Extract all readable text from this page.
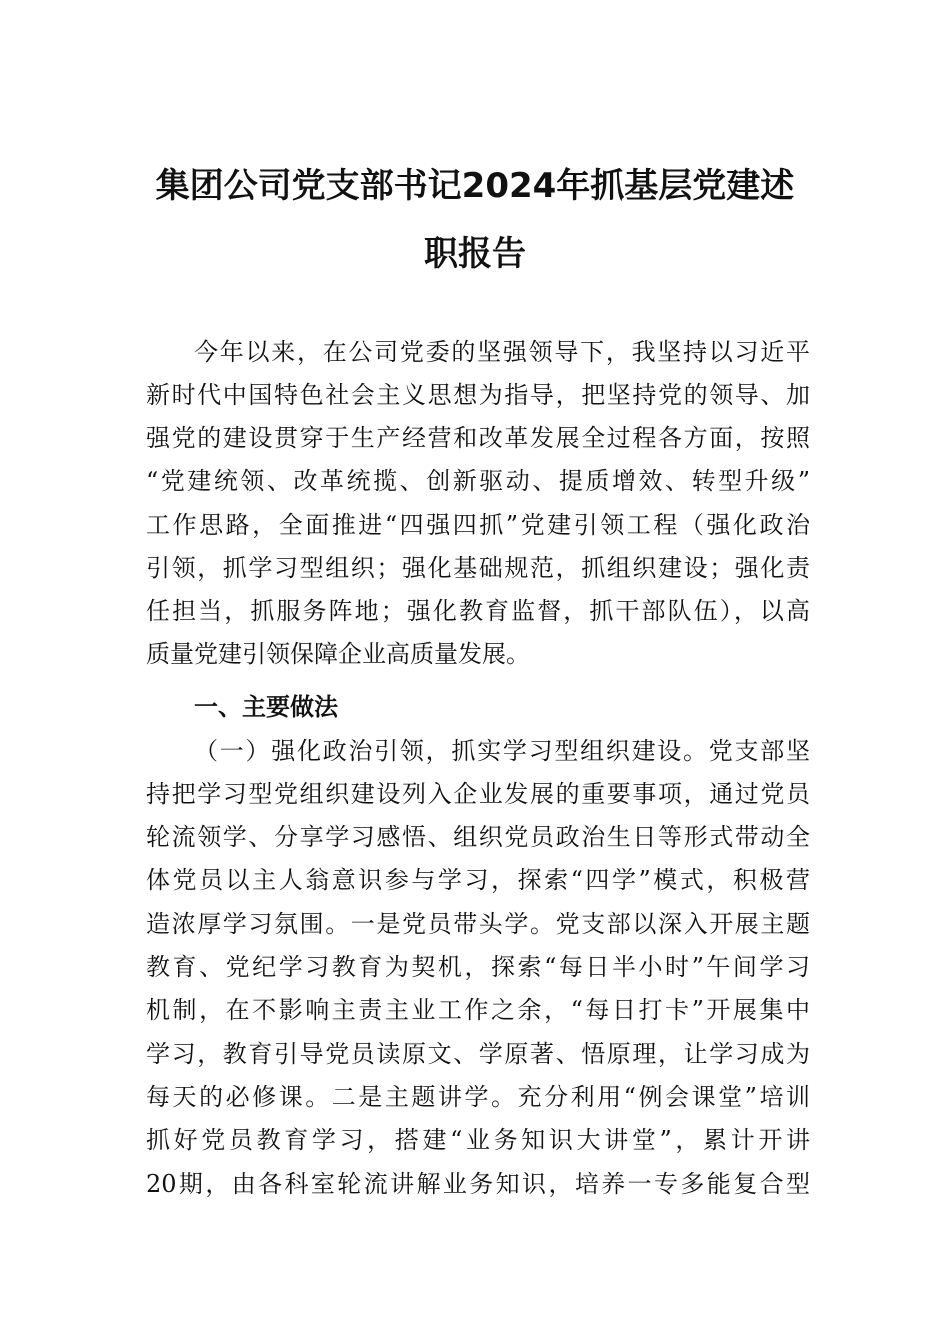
集团公司党支部书记2024年抓基层党建述
职报告
今年以来，在公司党委的坚强领导下，我坚持以习近平
新时代中国特色社会主义思想为指导，把坚持党的领导、加
强党的建设贯穿于生产经营和改革发展全过程各方面，按照
“党建统领、改革统揽、创新驱动、提质增效、转型升级”
工作思路，全面推进“四强四抓”党建引领工程（强化政治
引领，抓学习型组织；强化基础规范，抓组织建设；强化责
任担当，抓服务阵地；强化教育监督，抓干部队伍），以高
质量党建引领保障企业高质量发展。
一、主要做法
（一）强化政治引领，抓实学习型组织建设。党支部坚
持把学习型党组织建设列入企业发展的重要事项，通过党员
轮流领学、分享学习感悟、组织党员政治生日等形式带动全
体党员以主人翁意识参与学习，探索“四学”模式，积极营
造浓厚学习氛围。一是党员带头学。党支部以深入开展主题
教育、党纪学习教育为契机，探索“每日半小时”午间学习
机制，在不影响主责主业工作之余，“每日打卡”开展集中
学习，教育引导党员读原文、学原著、悟原理，让学习成为
每天的必修课。二是主题讲学。充分利用“例会课堂”培训
抓好党员教育学习，搭建“业务知识大讲堂”，累计开讲
20期，由各科室轮流讲解业务知识，培养一专多能复合型
